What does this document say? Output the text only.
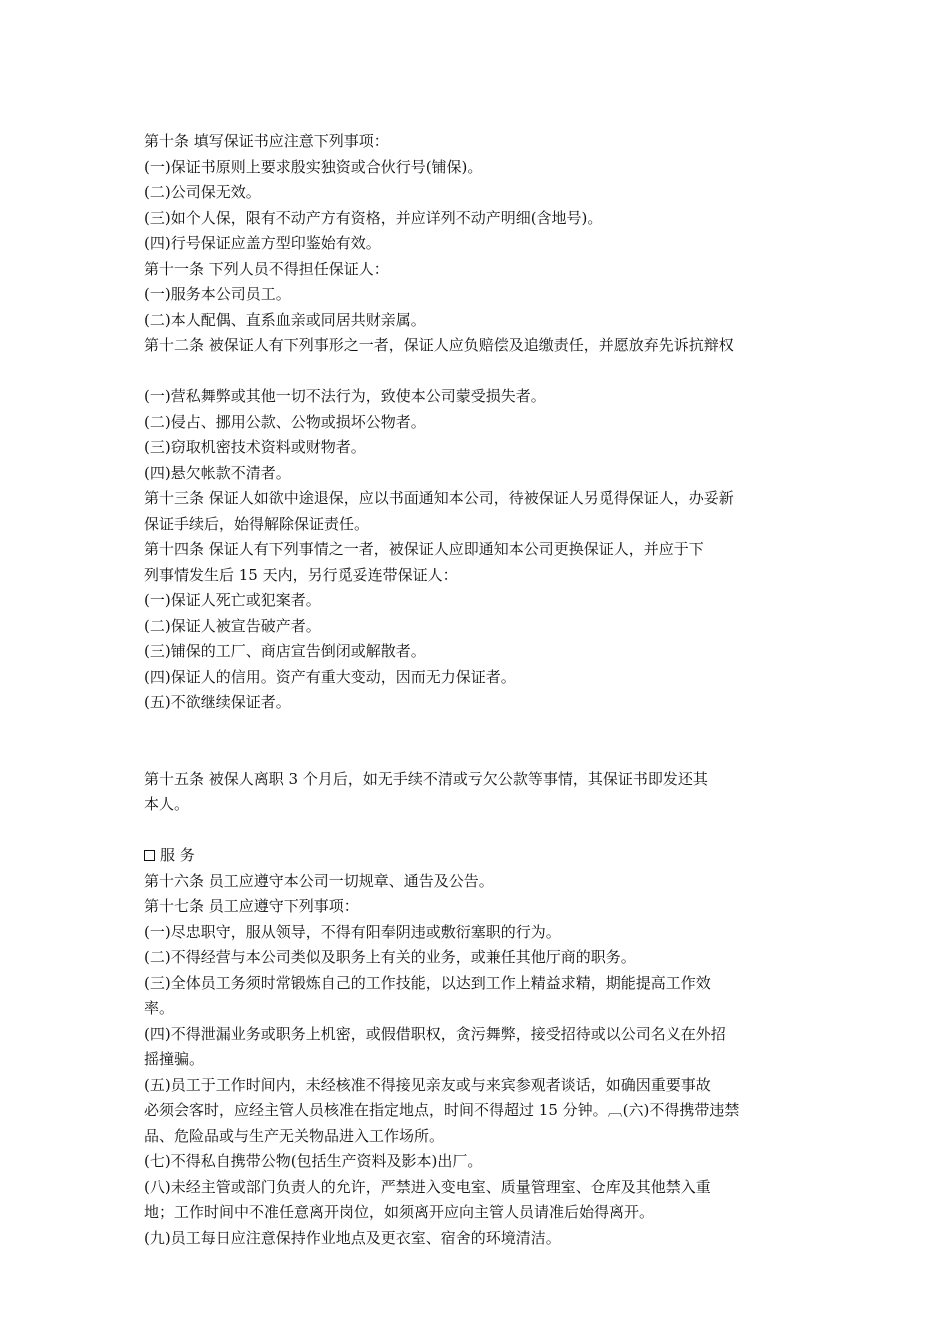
第十条 填写保证书应注意下列事项：
(一)保证书原则上要求殷实独资或合伙行号(铺保)。
(二)公司保无效。
(三)如个人保，限有不动产方有资格，并应详列不动产明细(含地号)。
(四)行号保证应盖方型印鉴始有效。
第十一条 下列人员不得担任保证人：
(一)服务本公司员工。
(二)本人配偶、直系血亲或同居共财亲属。
第十二条 被保证人有下列事形之一者，保证人应负赔偿及追缴责任，并愿放弃先诉抗辩权
(一)营私舞弊或其他一切不法行为，致使本公司蒙受损失者。
(二)侵占、挪用公款、公物或损坏公物者。
(三)窃取机密技术资料或财物者。
(四)悬欠帐款不清者。
第十三条 保证人如欲中途退保，应以书面通知本公司，待被保证人另觅得保证人，办妥新
保证手续后，始得解除保证责任。
第十四条 保证人有下列事情之一者，被保证人应即通知本公司更换保证人，并应于下
列事情发生后 15 天内，另行觅妥连带保证人：
(一)保证人死亡或犯案者。
(二)保证人被宣告破产者。
(三)铺保的工厂、商店宣告倒闭或解散者。
(四)保证人的信用。资产有重大变动，因而无力保证者。
(五)不欲继续保证者。
第十五条 被保人离职 3 个月后，如无手续不清或亏欠公款等事情，其保证书即发还其
本人。
服 务
第十六条 员工应遵守本公司一切规章、通告及公告。
第十七条 员工应遵守下列事项：
(一)尽忠职守，服从领导，不得有阳奉阴违或敷衍塞职的行为。
(二)不得经营与本公司类似及职务上有关的业务，或兼任其他厅商的职务。
(三)全体员工务须时常锻炼自己的工作技能，以达到工作上精益求精，期能提高工作效
率。
(四)不得泄漏业务或职务上机密，或假借职权，贪污舞弊，接受招待或以公司名义在外招
摇撞骗。
(五)员工于工作时间内，未经核准不得接见亲友或与来宾参观者谈话，如确因重要事故
必须会客时，应经主管人员核准在指定地点，时间不得超过 15 分钟。︹(六)不得携带违禁
品、危险品或与生产无关物品进入工作场所。
(七)不得私自携带公物(包括生产资料及影本)出厂。
(八)未经主管或部门负责人的允许，严禁进入变电室、质量管理室、仓库及其他禁入重
地；工作时间中不准任意离开岗位，如须离开应向主管人员请准后始得离开。
(九)员工每日应注意保持作业地点及更衣室、宿舍的环境清洁。
